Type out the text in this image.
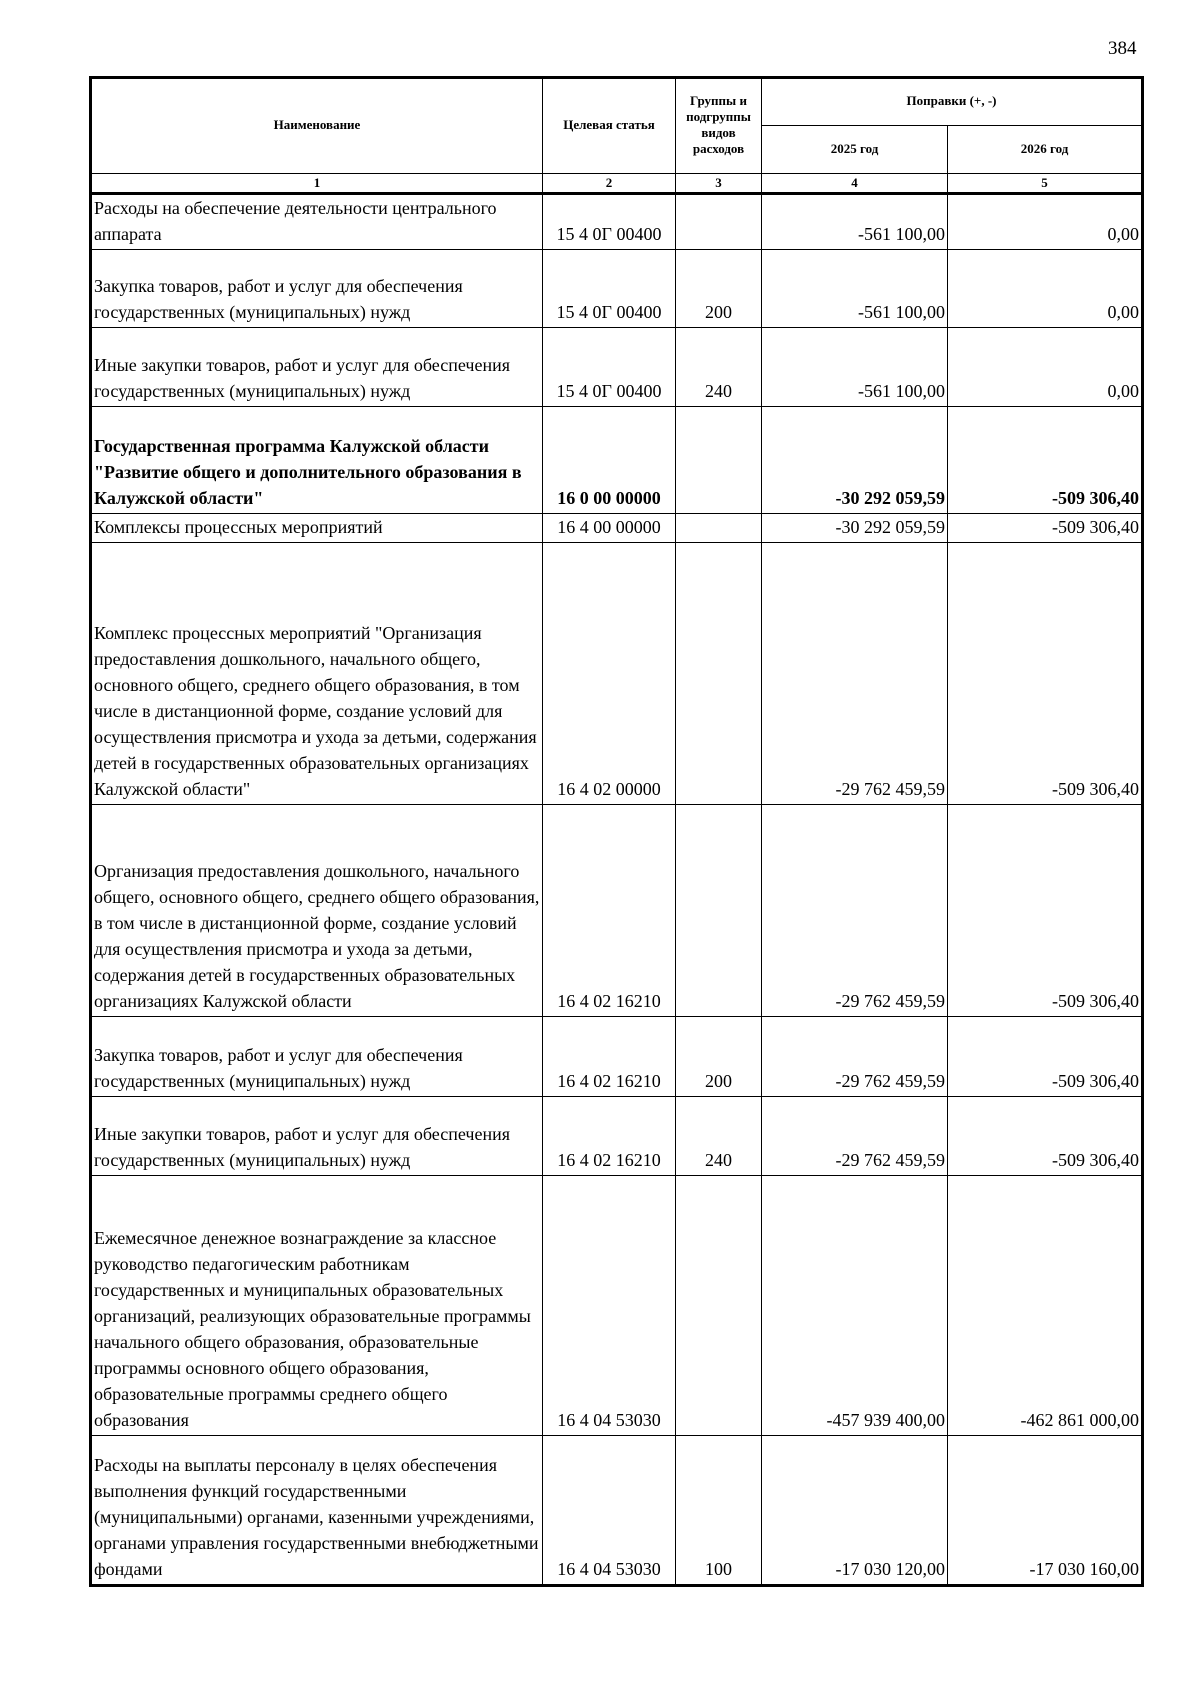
384
Наименование	Целевая статья	Группы и подгруппы видов расходов	Поправки (+, -)	
			2025 год	2026 год
1	2	3	4	5
Расходы на обеспечение деятельности центрального аппарата	15 4 0Г 00400		-561 100,00	0,00
Закупка товаров, работ и услуг для обеспечения государственных (муниципальных) нужд	15 4 0Г 00400	200	-561 100,00	0,00
Иные закупки товаров, работ и услуг для обеспечения государственных (муниципальных) нужд	15 4 0Г 00400	240	-561 100,00	0,00
Государственная программа Калужской области "Развитие общего и дополнительного образования в Калужской области"	16 0 00 00000		-30 292 059,59	-509 306,40
Комплексы процессных мероприятий	16 4 00 00000		-30 292 059,59	-509 306,40
Комплекс процессных мероприятий "Организация предоставления дошкольного, начального общего, основного общего, среднего общего образования, в том числе в дистанционной форме, создание условий для осуществления присмотра и ухода за детьми, содержания детей в государственных образовательных организациях Калужской области"	16 4 02 00000		-29 762 459,59	-509 306,40
Организация предоставления дошкольного, начального общего, основного общего, среднего общего образования, в том числе в дистанционной форме, создание условий для осуществления присмотра и ухода за детьми, содержания детей в государственных образовательных организациях Калужской области	16 4 02 16210		-29 762 459,59	-509 306,40
Закупка товаров, работ и услуг для обеспечения государственных (муниципальных) нужд	16 4 02 16210	200	-29 762 459,59	-509 306,40
Иные закупки товаров, работ и услуг для обеспечения государственных (муниципальных) нужд	16 4 02 16210	240	-29 762 459,59	-509 306,40
Ежемесячное денежное вознаграждение за классное руководство педагогическим работникам государственных и муниципальных образовательных организаций, реализующих образовательные программы начального общего образования, образовательные программы основного общего образования, образовательные программы среднего общего образования	16 4 04 53030		-457 939 400,00	-462 861 000,00
Расходы на выплаты персоналу в целях обеспечения выполнения функций государственными (муниципальными) органами, казенными учреждениями, органами управления государственными внебюджетными фондами	16 4 04 53030	100	-17 030 120,00	-17 030 160,00
